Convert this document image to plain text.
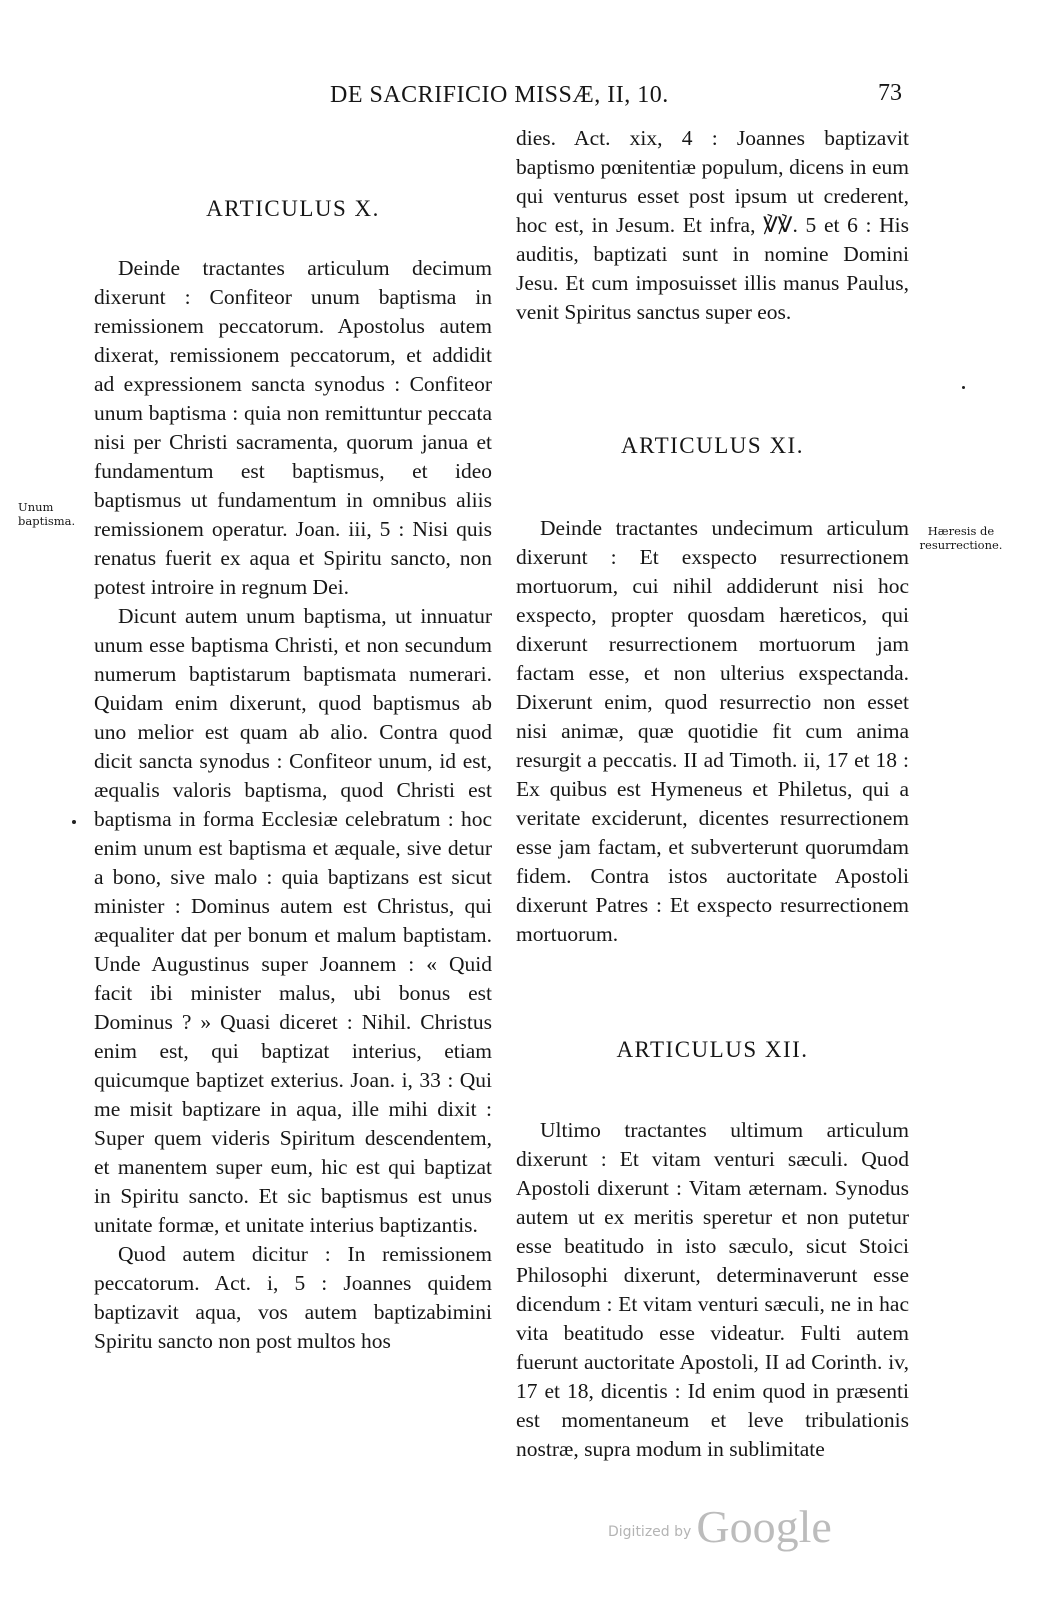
DE SACRIFICIO MISSÆ, II, 10.	73
ARTICULUS X.

Deinde tractantes articulum decimum dixerunt : Confiteor unum baptisma in remissionem peccatorum. Apostolus autem dixerat, remissionem peccatorum, et addidit ad expressionem sancta synodus : Confiteor unum baptisma : quia non remittuntur peccata nisi per Christi sacramenta, quorum janua et fundamentum est baptismus, et ideo baptismus ut fundamentum in omnibus aliis remissionem operatur. Joan. iii, 5 : Nisi quis renatus fuerit ex aqua et Spiritu sancto, non potest introire in regnum Dei.

Dicunt autem unum baptisma, ut innuatur unum esse baptisma Christi, et non secundum numerum baptistarum baptismata numerari. Quidam enim dixerunt, quod baptismus ab uno melior est quam ab alio. Contra quod dicit sancta synodus : Confiteor unum, id est, æqualis valoris baptisma, quod Christi est baptisma in forma Ecclesiæ celebratum : hoc enim unum est baptisma et æquale, sive detur a bono, sive malo : quia baptizans est sicut minister : Dominus autem est Christus, qui æqualiter dat per bonum et malum baptistam. Unde Augustinus super Joannem : « Quid facit ibi minister malus, ubi bonus est Dominus ? » Quasi diceret : Nihil. Christus enim est, qui baptizat interius, etiam quicumque baptizet exterius. Joan. i, 33 : Qui me misit baptizare in aqua, ille mihi dixit : Super quem videris Spiritum descendentem, et manentem super eum, hic est qui baptizat in Spiritu sancto. Et sic baptismus est unus unitate formæ, et unitate interius baptizantis.

Quod autem dicitur : In remissionem peccatorum. Act. i, 5 : Joannes quidem baptizavit aqua, vos autem baptizabimini Spiritu sancto non post multos hos

Unum baptisma.

dies. Act. xix, 4 : Joannes baptizavit baptismo pœnitentiæ populum, dicens in eum qui venturus esset post ipsum ut crederent, hoc est, in Jesum. Et infra, ℣℣. 5 et 6 : His auditis, baptizati sunt in nomine Domini Jesu. Et cum imposuisset illis manus Paulus, venit Spiritus sanctus super eos.

ARTICULUS XI.

Deinde tractantes undecimum articulum dixerunt : Et exspecto resurrectionem mortuorum, cui nihil addiderunt nisi hoc exspecto, propter quosdam hæreticos, qui dixerunt resurrectionem mortuorum jam factam esse, et non ulterius exspectanda. Dixerunt enim, quod resurrectio non esset nisi animæ, quæ quotidie fit cum anima resurgit a peccatis. II ad Timoth. ii, 17 et 18 : Ex quibus est Hymeneus et Philetus, qui a veritate exciderunt, dicentes resurrectionem esse jam factam, et subverterunt quorumdam fidem. Contra istos auctoritate Apostoli dixerunt Patres : Et exspecto resurrectionem mortuorum.

Hæresis de resurrectione.
ARTICULUS XII.

Ultimo tractantes ultimum articulum dixerunt : Et vitam venturi sæculi. Quod Apostoli dixerunt : Vitam æternam. Synodus autem ut ex meritis speretur et non putetur esse beatitudo in isto sæculo, sicut Stoici Philosophi dixerunt, determinaverunt esse dicendum : Et vitam venturi sæculi, ne in hac vita beatitudo esse videatur. Fulti autem fuerunt auctoritate Apostoli, II ad Corinth. iv, 17 et 18, dicentis : Id enim quod in præsenti est momentaneum et leve tribulationis nostræ, supra modum in sublimitate

Digitized by Google
